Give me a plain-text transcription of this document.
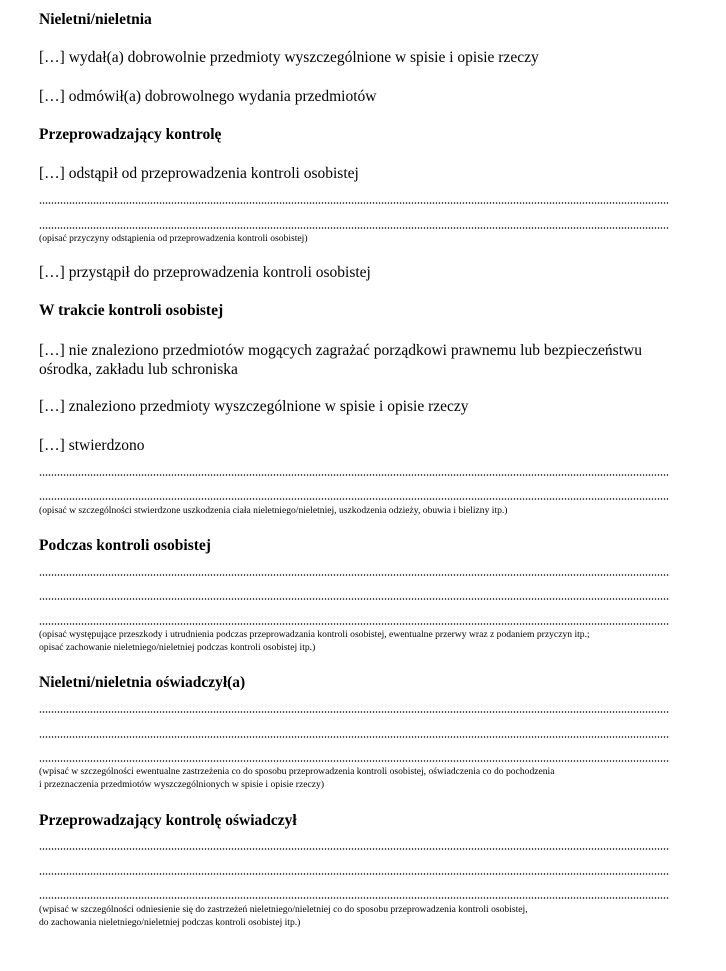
Nieletni/nieletnia
[…] wydał(a) dobrowolnie przedmioty wyszczególnione w spisie i opisie rzeczy
[…] odmówił(a) dobrowolnego wydania przedmiotów
Przeprowadzający kontrolę
[…] odstąpił od przeprowadzenia kontroli osobistej
(opisać przyczyny odstąpienia od przeprowadzenia kontroli osobistej)
[…] przystąpił do przeprowadzenia kontroli osobistej
W trakcie kontroli osobistej
[…] nie znaleziono przedmiotów mogących zagrażać porządkowi prawnemu lub bezpieczeństwu ośrodka, zakładu lub schroniska
[…] znaleziono przedmioty wyszczególnione w spisie i opisie rzeczy
[…] stwierdzono
(opisać w szczególności stwierdzone uszkodzenia ciała nieletniego/nieletniej, uszkodzenia odzieży, obuwia i bielizny itp.)
Podczas kontroli osobistej
(opisać występujące przeszkody i utrudnienia podczas przeprowadzania kontroli osobistej, ewentualne przerwy wraz z podaniem przyczyn itp.;
opisać zachowanie nieletniego/nieletniej podczas kontroli osobistej itp.)
Nieletni/nieletnia oświadczył(a)
(wpisać w szczególności ewentualne zastrzeżenia co do sposobu przeprowadzenia kontroli osobistej, oświadczenia co do pochodzenia
i przeznaczenia przedmiotów wyszczególnionych w spisie i opisie rzeczy)
Przeprowadzający kontrolę oświadczył
(wpisać w szczególności odniesienie się do zastrzeżeń nieletniego/nieletniej co do sposobu przeprowadzenia kontroli osobistej,
do zachowania nieletniego/nieletniej podczas kontroli osobistej itp.)
